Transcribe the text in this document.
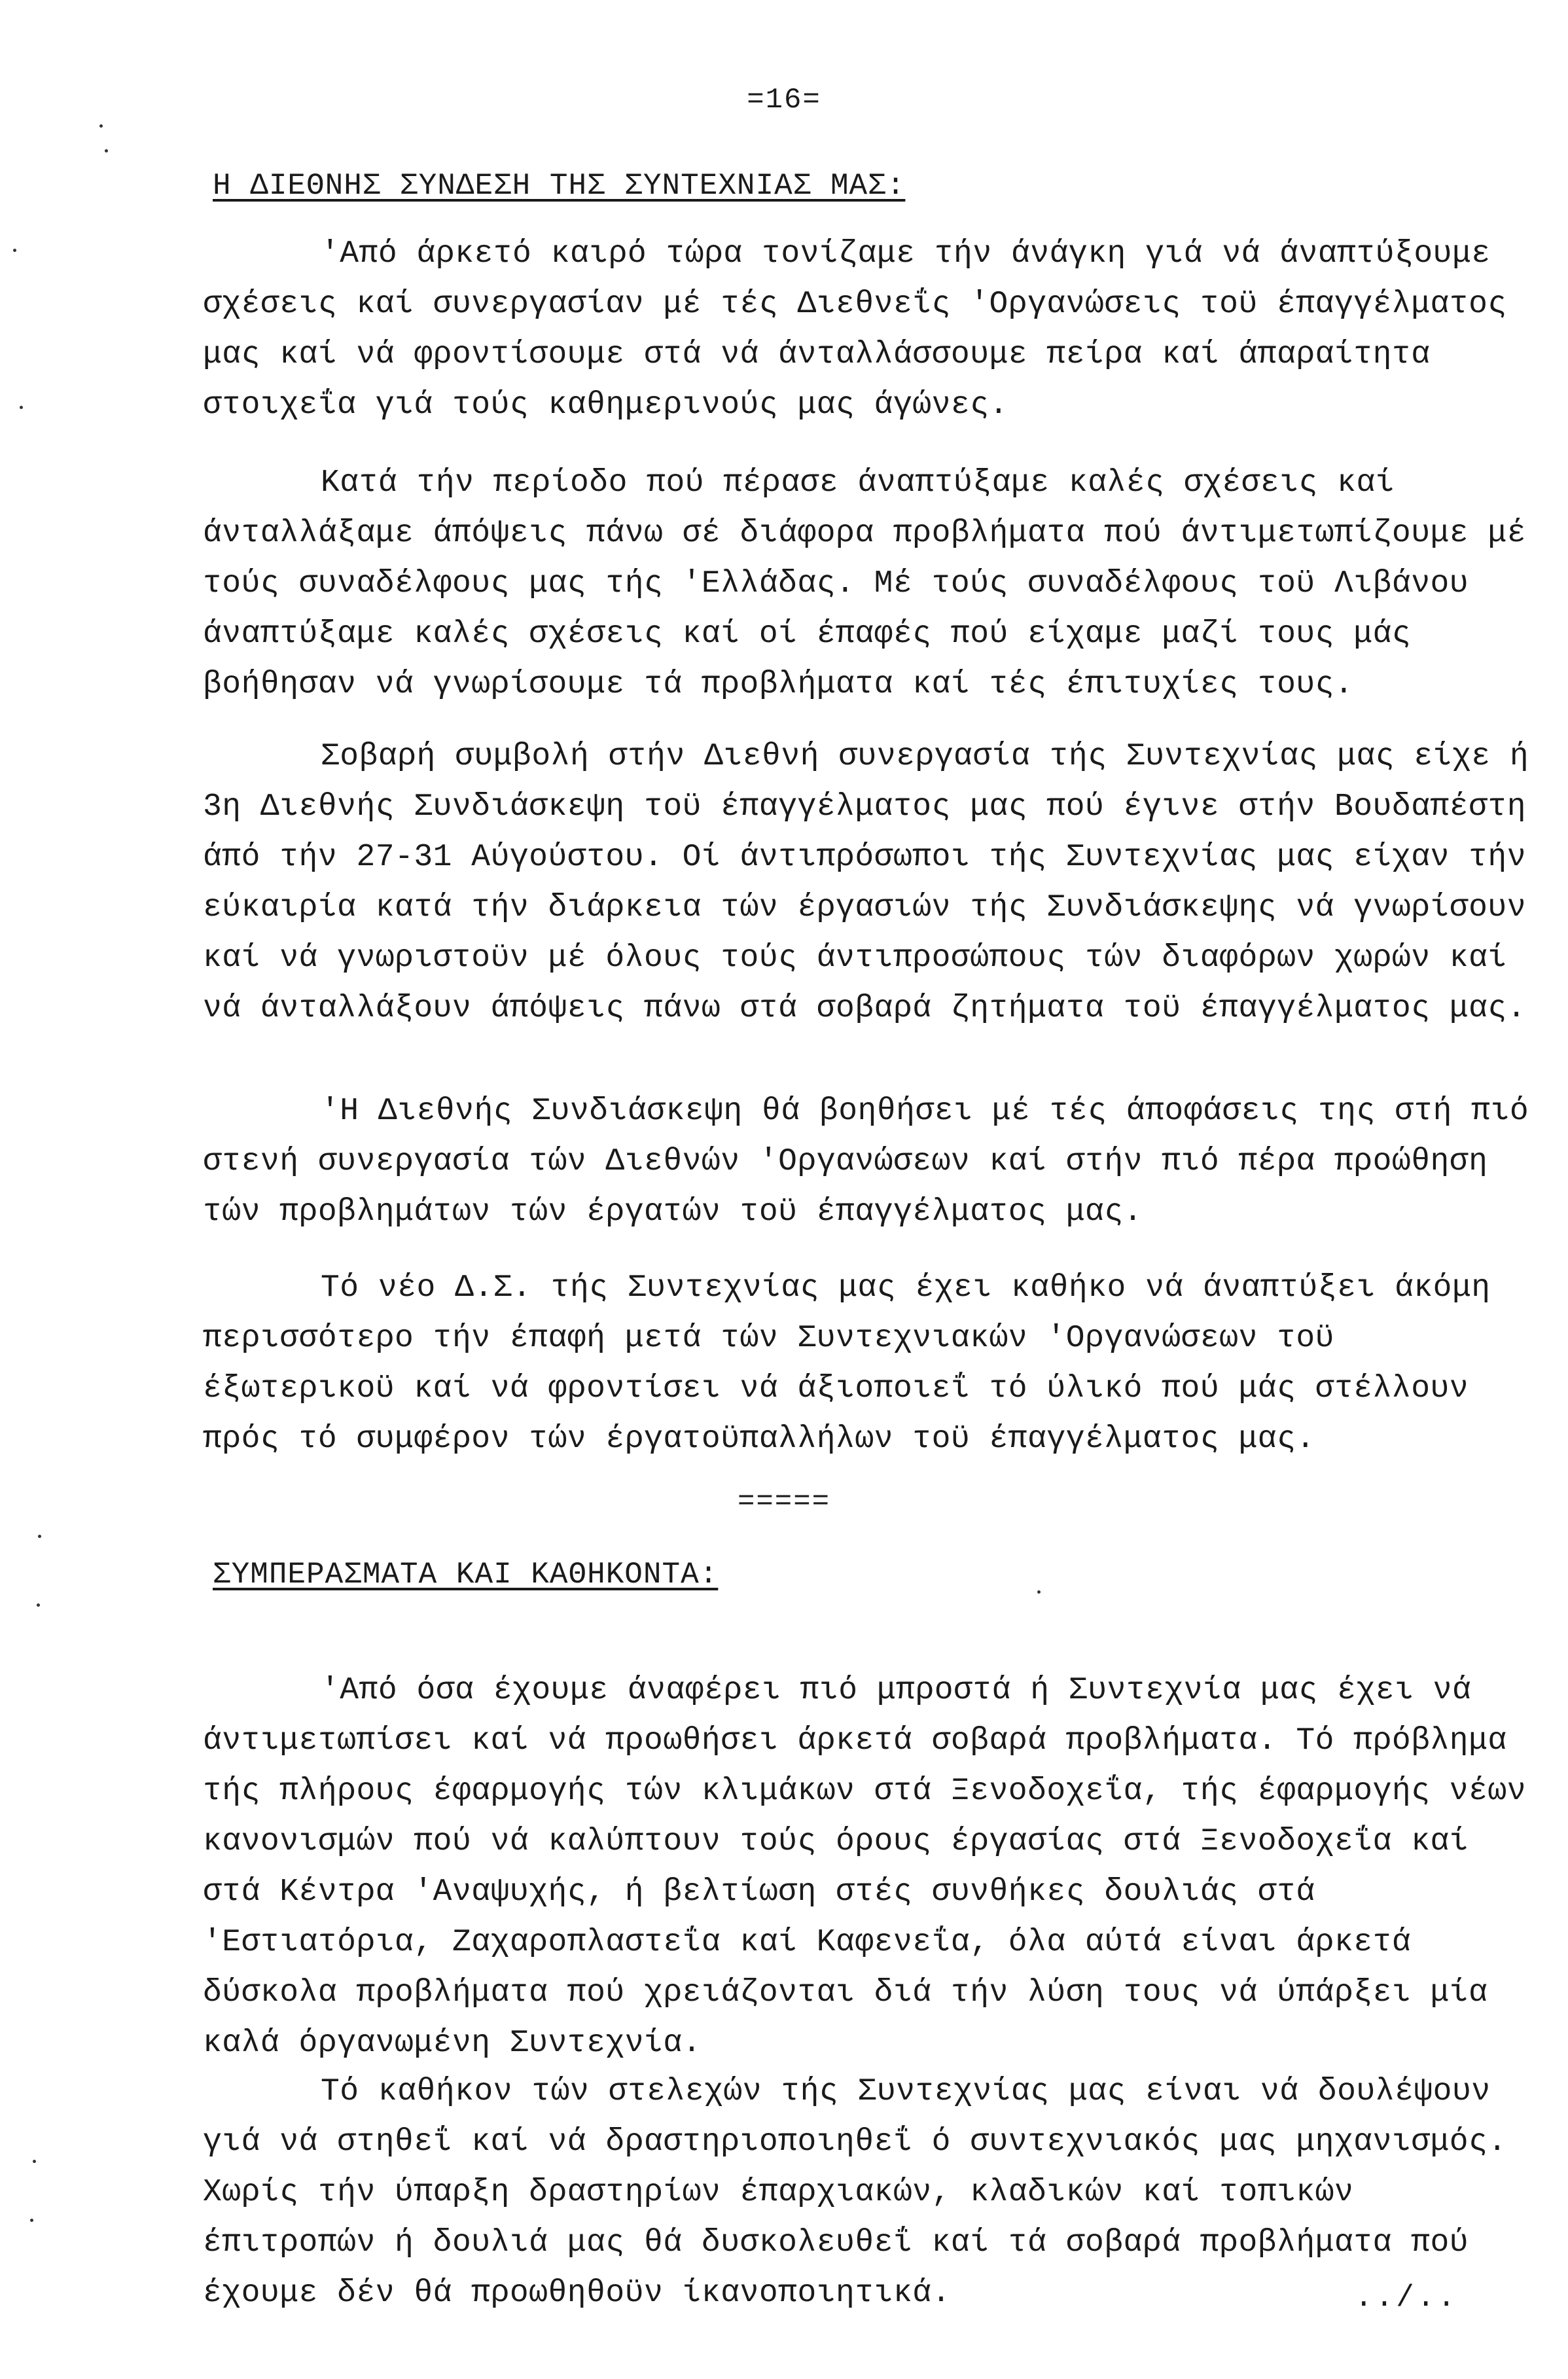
=16=
Η ΔΙΕΘΝΗΣ ΣΥΝΔΕΣΗ ΤΗΣ ΣΥΝΤΕΧΝΙΑΣ ΜΑΣ:

'Από άρκετό καιρό τώρα τονίζαμε τήν άνάγκη γιά νά άναπτύξουμε σχέσεις καί συνεργασίαν μέ τές Διεθνεΐς 'Οργανώσεις τοϋ έπαγγέλματος μας καί νά φροντίσουμε στά νά άνταλλάσσουμε πείρα καί άπαραίτητα στοιχεΐα γιά τούς καθημερινούς μας άγώνες.

Κατά τήν περίοδο πού πέρασε άναπτύξαμε καλές σχέσεις καί άνταλλάξαμε άπόψεις πάνω σέ διάφορα προβλήματα πού άντιμετωπίζουμε μέ τούς συναδέλφους μας τής 'Ελλάδας. Μέ τούς συναδέλφους τοϋ Λιβάνου άναπτύξαμε καλές σχέσεις καί οί έπαφές πού είχαμε μαζί τους μάς βοήθησαν νά γνωρίσουμε τά προβλήματα καί τές έπιτυχίες τους.

Σοβαρή συμβολή στήν Διεθνή συνεργασία τής Συντεχνίας μας είχε ή 3η Διεθνής Συνδιάσκεψη τοϋ έπαγγέλματος μας πού έγινε στήν Βουδαπέστη άπό τήν 27-31 Αύγούστου. Οί άντιπρόσωποι τής Συντεχνίας μας είχαν τήν εύκαιρία κατά τήν διάρκεια τών έργασιών τής Συνδιάσκεψης νά γνωρίσουν καί νά γνωριστοϋν μέ όλους τούς άντιπροσώπους τών διαφόρων χωρών καί νά άνταλλάξουν άπόψεις πάνω στά σοβαρά ζητήματα τοϋ έπαγγέλματος μας.

'Η Διεθνής Συνδιάσκεψη θά βοηθήσει μέ τές άποφάσεις της στή πιό στενή συνεργασία τών Διεθνών 'Οργανώσεων καί στήν πιό πέρα προώθηση τών προβλημάτων τών έργατών τοϋ έπαγγέλματος μας.

Τό νέο Δ.Σ. τής Συντεχνίας μας έχει καθήκο νά άναπτύξει άκόμη περισσότερο τήν έπαφή μετά τών Συντεχνιακών 'Οργανώσεων τοϋ έξωτερικοϋ καί νά φροντίσει νά άξιοποιεΐ τό ύλικό πού μάς στέλλουν πρός τό συμφέρον τών έργατοϋπαλλήλων τοϋ έπαγγέλματος μας.

=====
ΣΥΜΠΕΡΑΣΜΑΤΑ ΚΑΙ ΚΑΘΗΚΟΝΤΑ:

'Από όσα έχουμε άναφέρει πιό μπροστά ή Συντεχνία μας έχει νά άντιμετωπίσει καί νά προωθήσει άρκετά σοβαρά προβλήματα. Τό πρόβλημα τής πλήρους έφαρμογής τών κλιμάκων στά Ξενοδοχεΐα, τής έφαρμογής νέων κανονισμών πού νά καλύπτουν τούς όρους έργασίας στά Ξενοδοχεΐα καί στά Κέντρα 'Αναψυχής, ή βελτίωση στές συνθήκες δουλιάς στά 'Εστιατόρια, Ζαχαροπλαστεΐα καί Καφενεΐα, όλα αύτά είναι άρκετά δύσκολα προβλήματα πού χρειάζονται διά τήν λύση τους νά ύπάρξει μία καλά όργανωμένη Συντεχνία.

Τό καθήκον τών στελεχών τής Συντεχνίας μας είναι νά δουλέψουν γιά νά στηθεΐ καί νά δραστηριοποιηθεΐ ό συντεχνιακός μας μηχανισμός. Χωρίς τήν ύπαρξη δραστηρίων έπαρχιακών, κλαδικών καί τοπικών έπιτροπών ή δουλιά μας θά δυσκολευθεΐ καί τά σοβαρά προβλήματα πού έχουμε δέν θά προωθηθοϋν ίκανοποιητικά.	../..
